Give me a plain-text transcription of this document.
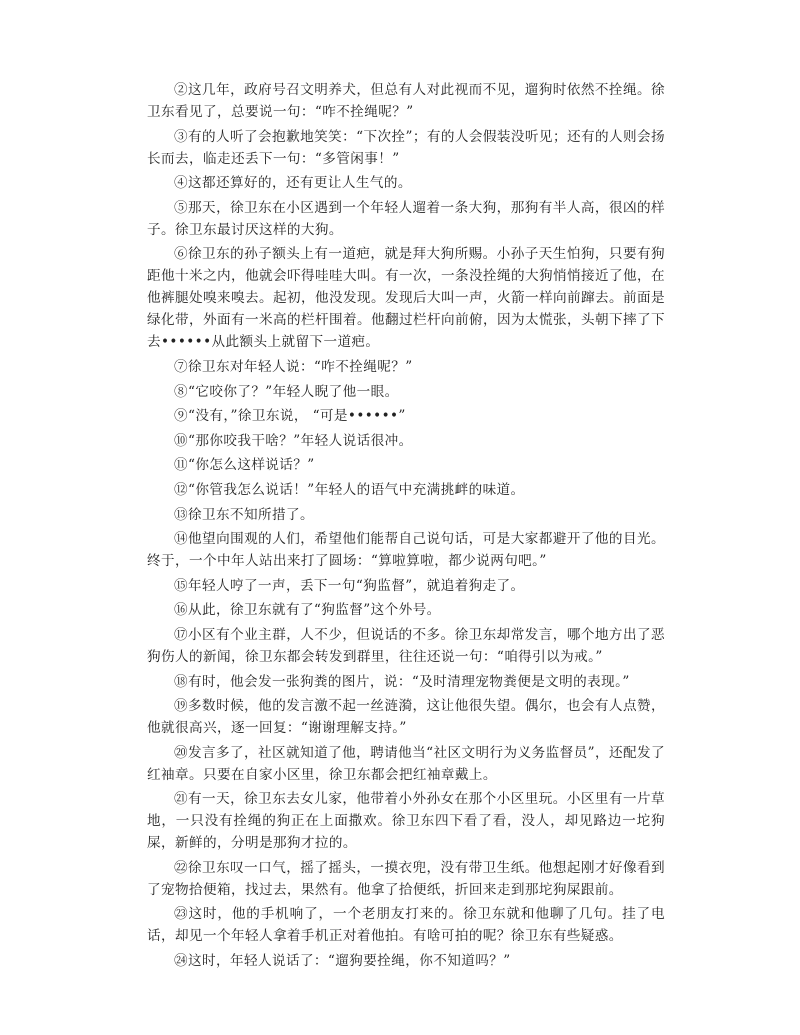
②这几年，政府号召文明养犬，但总有人对此视而不见，遛狗时依然不拴绳。徐卫东看见了，总要说一句：“咋不拴绳呢？”

③有的人听了会抱歉地笑笑：“下次拴”；有的人会假装没听见；还有的人则会扬长而去，临走还丢下一句：“多管闲事！”

④这都还算好的，还有更让人生气的。

⑤那天，徐卫东在小区遇到一个年轻人遛着一条大狗，那狗有半人高，很凶的样子。徐卫东最讨厌这样的大狗。

⑥徐卫东的孙子额头上有一道疤，就是拜大狗所赐。小孙子天生怕狗，只要有狗距他十米之内，他就会吓得哇哇大叫。有一次，一条没拴绳的大狗悄悄接近了他，在他裤腿处嗅来嗅去。起初，他没发现。发现后大叫一声，火箭一样向前蹿去。前面是绿化带，外面有一米高的栏杆围着。他翻过栏杆向前俯，因为太慌张，头朝下摔了下去••••••从此额头上就留下一道疤。

⑦徐卫东对年轻人说：“咋不拴绳呢？”

⑧“它咬你了？”年轻人睨了他一眼。

⑨“没有，”徐卫东说， “可是••••••”

⑩“那你咬我干啥？”年轻人说话很冲。

⑪“你怎么这样说话？”

⑫“你管我怎么说话！”年轻人的语气中充满挑衅的味道。

⑬徐卫东不知所措了。

⑭他望向围观的人们，希望他们能帮自己说句话，可是大家都避开了他的目光。终于，一个中年人站出来打了圆场：“算啦算啦，都少说两句吧。”

⑮年轻人哼了一声，丢下一句“狗监督”，就追着狗走了。

⑯从此，徐卫东就有了“狗监督”这个外号。

⑰小区有个业主群，人不少，但说话的不多。徐卫东却常发言，哪个地方出了恶狗伤人的新闻，徐卫东都会转发到群里，往往还说一句：“咱得引以为戒。”

⑱有时，他会发一张狗粪的图片，说：“及时清理宠物粪便是文明的表现。”

⑲多数时候，他的发言激不起一丝涟漪，这让他很失望。偶尔，也会有人点赞，他就很高兴，逐一回复：“谢谢理解支持。”

⑳发言多了，社区就知道了他，聘请他当“社区文明行为义务监督员”，还配发了红袖章。只要在自家小区里，徐卫东都会把红袖章戴上。

㉑有一天，徐卫东去女儿家，他带着小外孙女在那个小区里玩。小区里有一片草地，一只没有拴绳的狗正在上面撒欢。徐卫东四下看了看，没人，却见路边一坨狗屎，新鲜的，分明是那狗才拉的。

㉒徐卫东叹一口气，摇了摇头，一摸衣兜，没有带卫生纸。他想起刚才好像看到了宠物拾便箱，找过去，果然有。他拿了拾便纸，折回来走到那坨狗屎跟前。

㉓这时，他的手机响了，一个老朋友打来的。徐卫东就和他聊了几句。挂了电话，却见一个年轻人拿着手机正对着他拍。有啥可拍的呢？徐卫东有些疑惑。

㉔这时，年轻人说话了：“遛狗要拴绳，你不知道吗？”
